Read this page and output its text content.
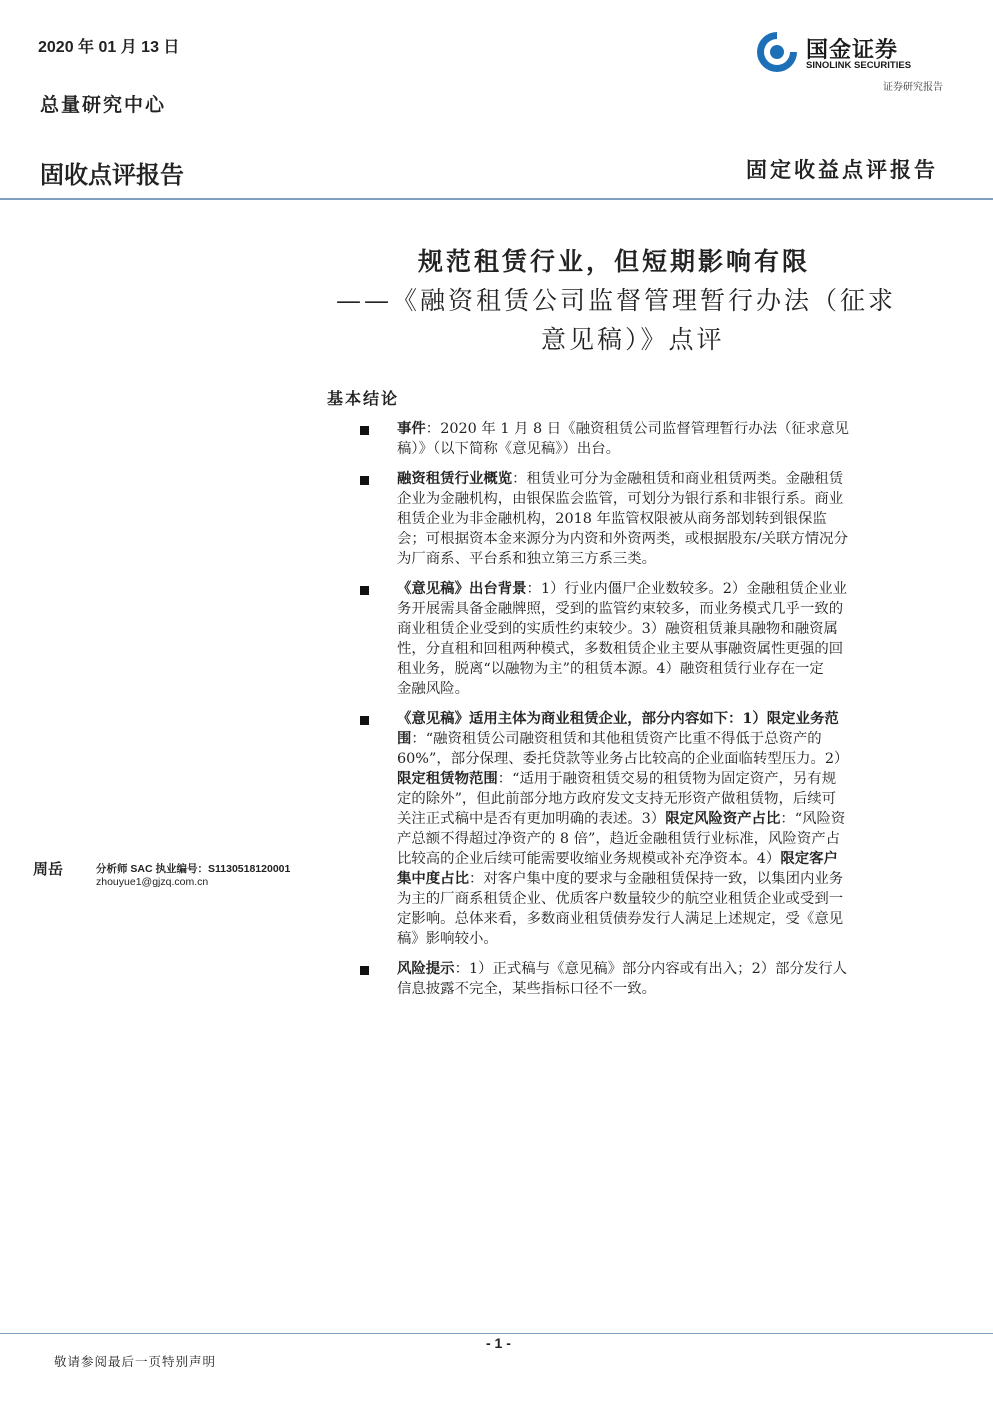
2020 年 01 月 13 日
总量研究中心
固收点评报告	固定收益点评报告
国金证券
SINOLINK SECURITIES
证券研究报告
规范租赁行业，但短期影响有限
——《融资租赁公司监督管理暂行办法（征求
意见稿）》点评
基本结论
事件：2020 年 1 月 8 日《融资租赁公司监督管理暂行办法（征求意见
稿）》（以下简称《意见稿》）出台。
融资租赁行业概览：租赁业可分为金融租赁和商业租赁两类。金融租赁
企业为金融机构，由银保监会监管，可划分为银行系和非银行系。商业
租赁企业为非金融机构，2018 年监管权限被从商务部划转到银保监
会；可根据资本金来源分为内资和外资两类，或根据股东/关联方情况分
为厂商系、平台系和独立第三方系三类。
《意见稿》出台背景：1）行业内僵尸企业数较多。2）金融租赁企业业
务开展需具备金融牌照，受到的监管约束较多，而业务模式几乎一致的
商业租赁企业受到的实质性约束较少。3）融资租赁兼具融物和融资属
性，分直租和回租两种模式，多数租赁企业主要从事融资属性更强的回
租业务，脱离“以融物为主”的租赁本源。4）融资租赁行业存在一定
金融风险。
《意见稿》适用主体为商业租赁企业，部分内容如下：1）限定业务范
围：“融资租赁公司融资租赁和其他租赁资产比重不得低于总资产的
60%”，部分保理、委托贷款等业务占比较高的企业面临转型压力。2）
限定租赁物范围：“适用于融资租赁交易的租赁物为固定资产，另有规
定的除外”，但此前部分地方政府发文支持无形资产做租赁物，后续可
关注正式稿中是否有更加明确的表述。3）限定风险资产占比：“风险资
产总额不得超过净资产的 8 倍”，趋近金融租赁行业标准，风险资产占
比较高的企业后续可能需要收缩业务规模或补充净资本。4）限定客户
集中度占比：对客户集中度的要求与金融租赁保持一致，以集团内业务
为主的厂商系租赁企业、优质客户数量较少的航空业租赁企业或受到一
定影响。总体来看，多数商业租赁债券发行人满足上述规定，受《意见
稿》影响较小。
风险提示：1）正式稿与《意见稿》部分内容或有出入；2）部分发行人
信息披露不完全，某些指标口径不一致。
周岳	分析师 SAC 执业编号：S1130518120001
zhouyue1@gjzq.com.cn
- 1 -
敬请参阅最后一页特别声明
